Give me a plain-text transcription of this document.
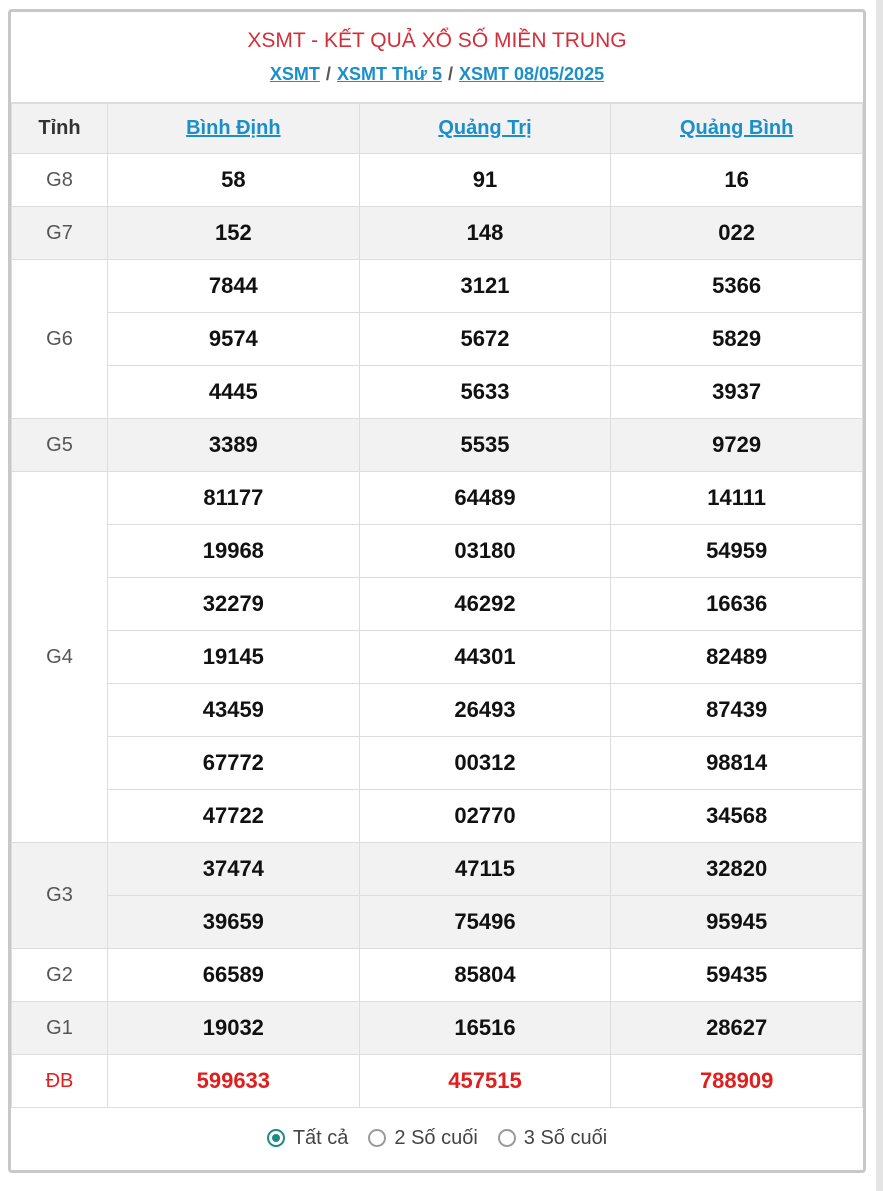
XSMT - KẾT QUẢ XỔ SỐ MIỀN TRUNG
XSMT / XSMT Thứ 5 / XSMT 08/05/2025
Tỉnh	Bình Định	Quảng Trị	Quảng Bình
G8	58	91	16
G7	152	148	022
G6	7844	3121	5366
	9574	5672	5829
	4445	5633	3937
G5	3389	5535	9729
G4	81177	64489	14111
	19968	03180	54959
	32279	46292	16636
	19145	44301	82489
	43459	26493	87439
	67772	00312	98814
	47722	02770	34568
G3	37474	47115	32820
	39659	75496	95945
G2	66589	85804	59435
G1	19032	16516	28627
ĐB	599633	457515	788909
Tất cả 2 Số cuối 3 Số cuối
